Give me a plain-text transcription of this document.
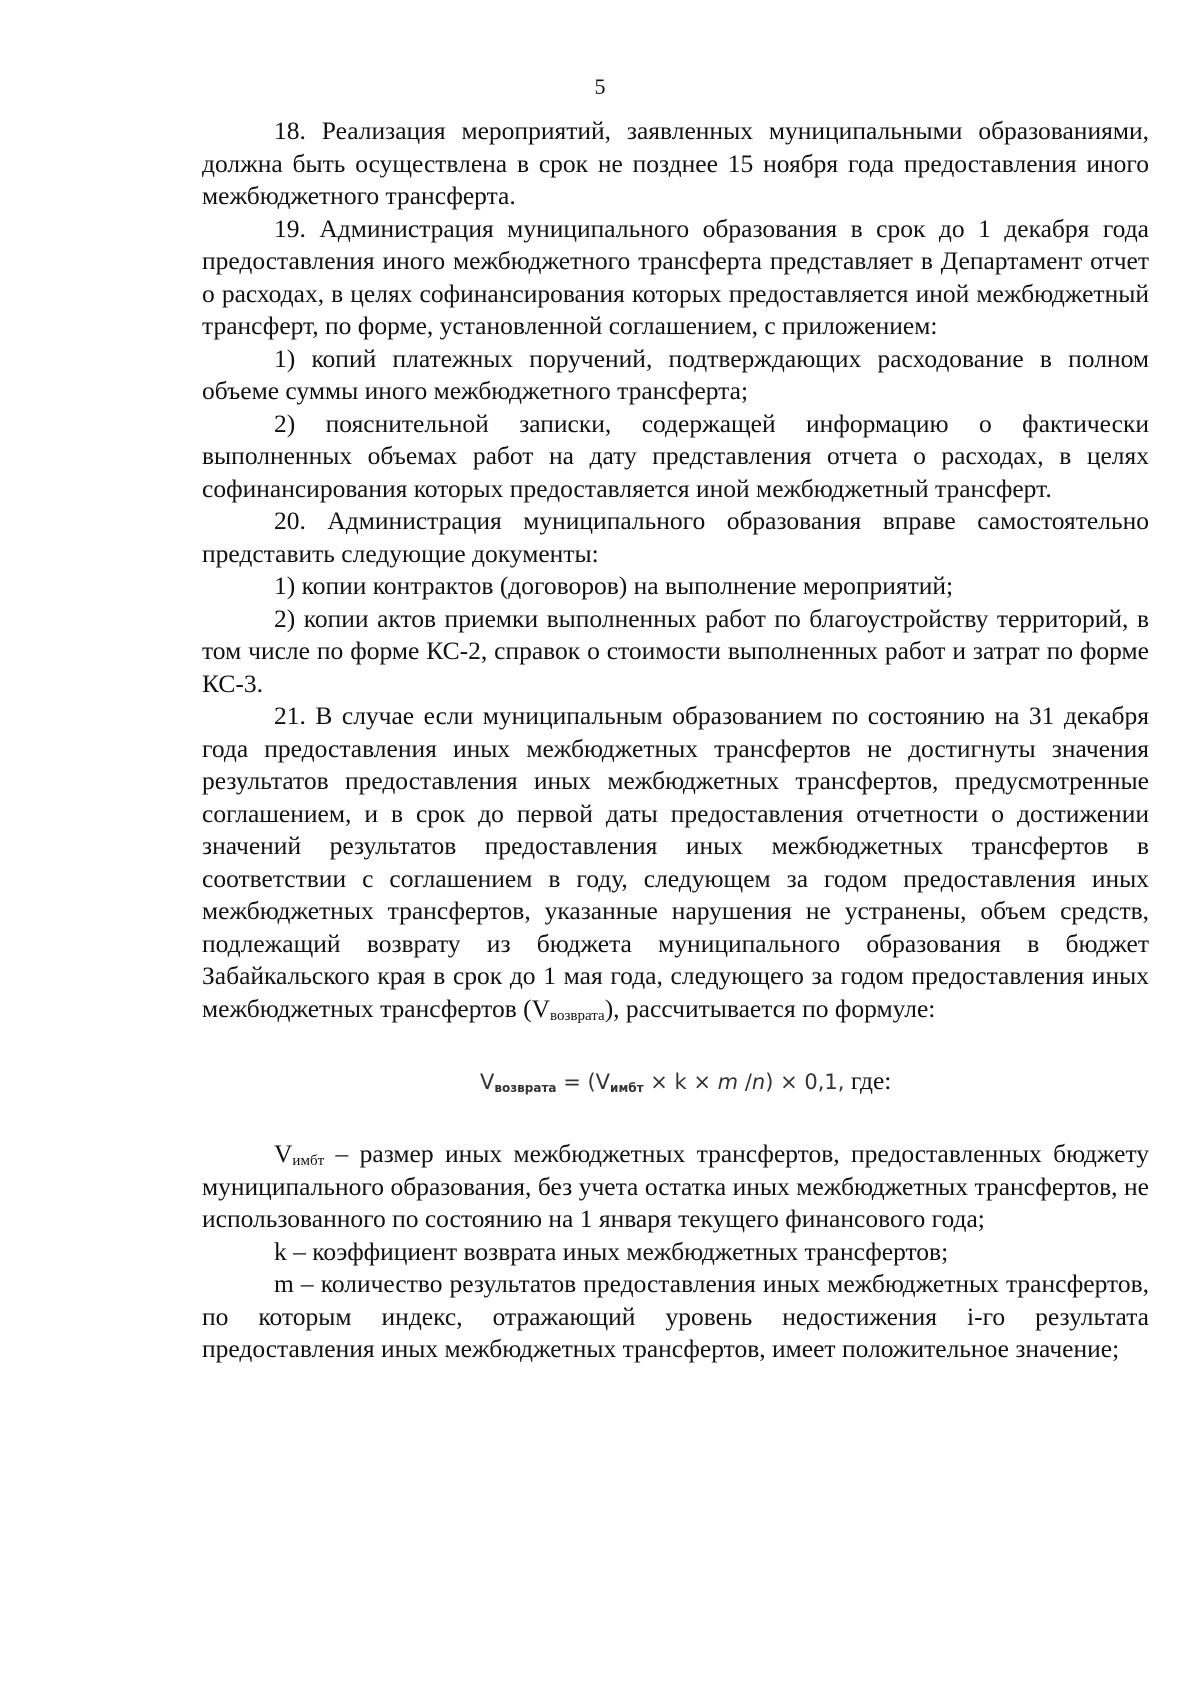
5

18. Реализация мероприятий, заявленных муниципальными образованиями, должна быть осуществлена в срок не позднее 15 ноября года предоставления иного межбюджетного трансферта.

19. Администрация муниципального образования в срок до 1 декабря года предоставления иного межбюджетного трансферта представляет в Департамент отчет о расходах, в целях софинансирования которых предоставляется иной межбюджетный трансферт, по форме, установленной соглашением, с приложением:

1) копий платежных поручений, подтверждающих расходование в полном объеме суммы иного межбюджетного трансферта;

2) пояснительной записки, содержащей информацию о фактически выполненных объемах работ на дату представления отчета о расходах, в целях софинансирования которых предоставляется иной межбюджетный трансферт.

20. Администрация муниципального образования вправе самостоятельно представить следующие документы:

1) копии контрактов (договоров) на выполнение мероприятий;

2) копии актов приемки выполненных работ по благоустройству территорий, в том числе по форме КС-2, справок о стоимости выполненных работ и затрат по форме КС-3.

21. В случае если муниципальным образованием по состоянию на 31 декабря года предоставления иных межбюджетных трансфертов не достигнуты значения результатов предоставления иных межбюджетных трансфертов, предусмотренные соглашением, и в срок до первой даты предоставления отчетности о достижении значений результатов предоставления иных межбюджетных трансфертов в соответствии с соглашением в году, следующем за годом предоставления иных межбюджетных трансфертов, указанные нарушения не устранены, объем средств, подлежащий возврату из бюджета муниципального образования в бюджет Забайкальского края в срок до 1 мая года, следующего за годом предоставления иных межбюджетных трансфертов $(V_{возврата})$, рассчитывается по формуле:

$V_{возврата} = (V_{имбт} \times k \times m$ /n) × 0,1, где:

$V_{имбт}$ – размер иных межбюджетных трансфертов, предоставленных бюджету муниципального образования, без учета остатка иных межбюджетных трансфертов, не использованного по состоянию на 1 января текущего финансового года;

k – коэффициент возврата иных межбюджетных трансфертов;

m – количество результатов предоставления иных межбюджетных трансфертов, по которым индекс, отражающий уровень недостижения i-го результата предоставления иных межбюджетных трансфертов, имеет положительное значение;
